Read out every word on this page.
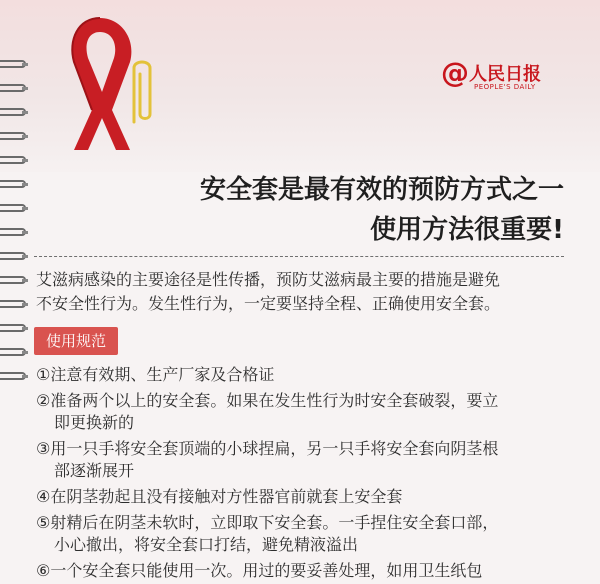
@ 人民日报
PEOPLE'S DAILY
安全套是最有效的预防方式之一
使用方法很重要!
艾滋病感染的主要途径是性传播，预防艾滋病最主要的措施是避免
不安全性行为。发生性行为，一定要坚持全程、正确使用安全套。
使用规范
①注意有效期、生产厂家及合格证
②准备两个以上的安全套。如果在发生性行为时安全套破裂，要立
即更换新的
③用一只手将安全套顶端的小球捏扁，另一只手将安全套向阴茎根
部逐渐展开
④在阴茎勃起且没有接触对方性器官前就套上安全套
⑤射精后在阴茎未软时，立即取下安全套。一手捏住安全套口部，
小心撤出，将安全套口打结，避免精液溢出
⑥一个安全套只能使用一次。用过的要妥善处理，如用卫生纸包
